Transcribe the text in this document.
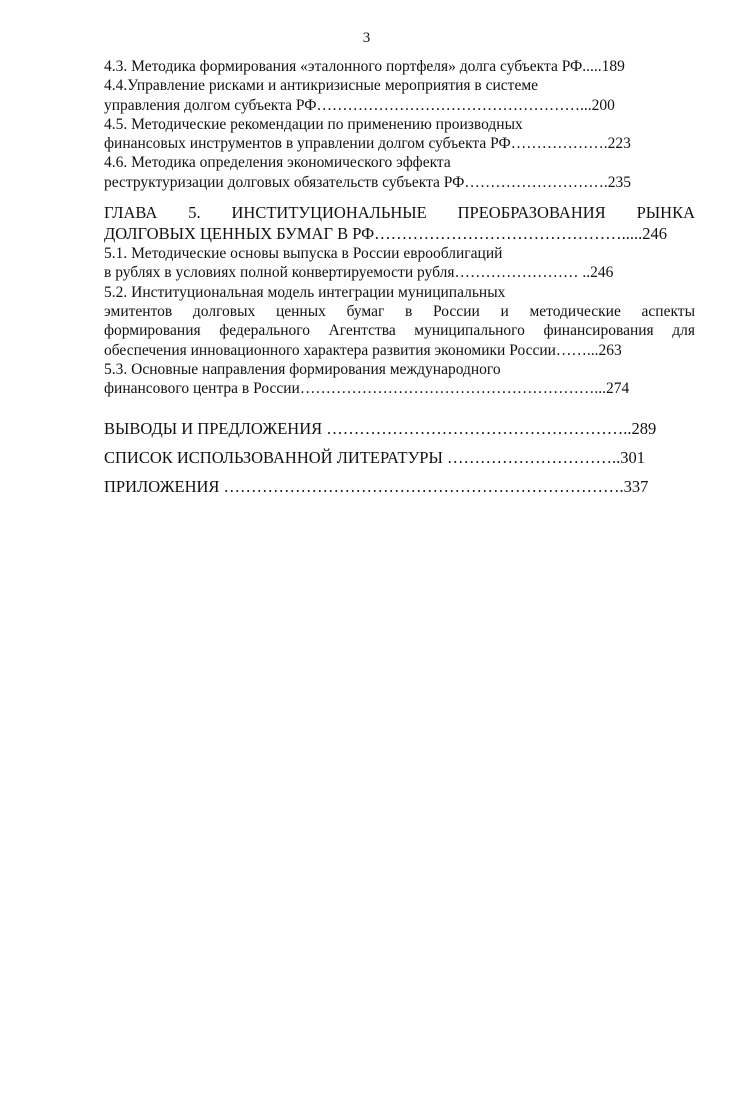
3
4.3. Методика формирования «эталонного портфеля» долга субъекта РФ.....189
4.4.Управление рисками и антикризисные мероприятия в системе
управления долгом субъекта РФ……………………………………………...200
4.5. Методические рекомендации по применению производных
финансовых инструментов в управлении долгом субъекта РФ……………….223
4.6. Методика определения экономического эффекта
реструктуризации долговых обязательств субъекта РФ……………………….235
ГЛАВА 5. ИНСТИТУЦИОНАЛЬНЫЕ ПРЕОБРАЗОВАНИЯ РЫНКА
ДОЛГОВЫХ ЦЕННЫХ БУМАГ В РФ……………………………………….....246
5.1. Методические основы выпуска в России еврооблигаций
в рублях в условиях полной конвертируемости рубля…………………… ..246
5.2. Институциональная модель интеграции муниципальных
эмитентов долговых ценных бумаг в России и методические аспекты
формирования федерального Агентства муниципального финансирования для
обеспечения инновационного характера развития экономики России……...263
5.3. Основные направления формирования международного
финансового центра в России…………………………………………………...274
ВЫВОДЫ И ПРЕДЛОЖЕНИЯ ………………………………………………..289
СПИСОК ИСПОЛЬЗОВАННОЙ ЛИТЕРАТУРЫ …………………………..301
ПРИЛОЖЕНИЯ ……………………………………………………………….337
